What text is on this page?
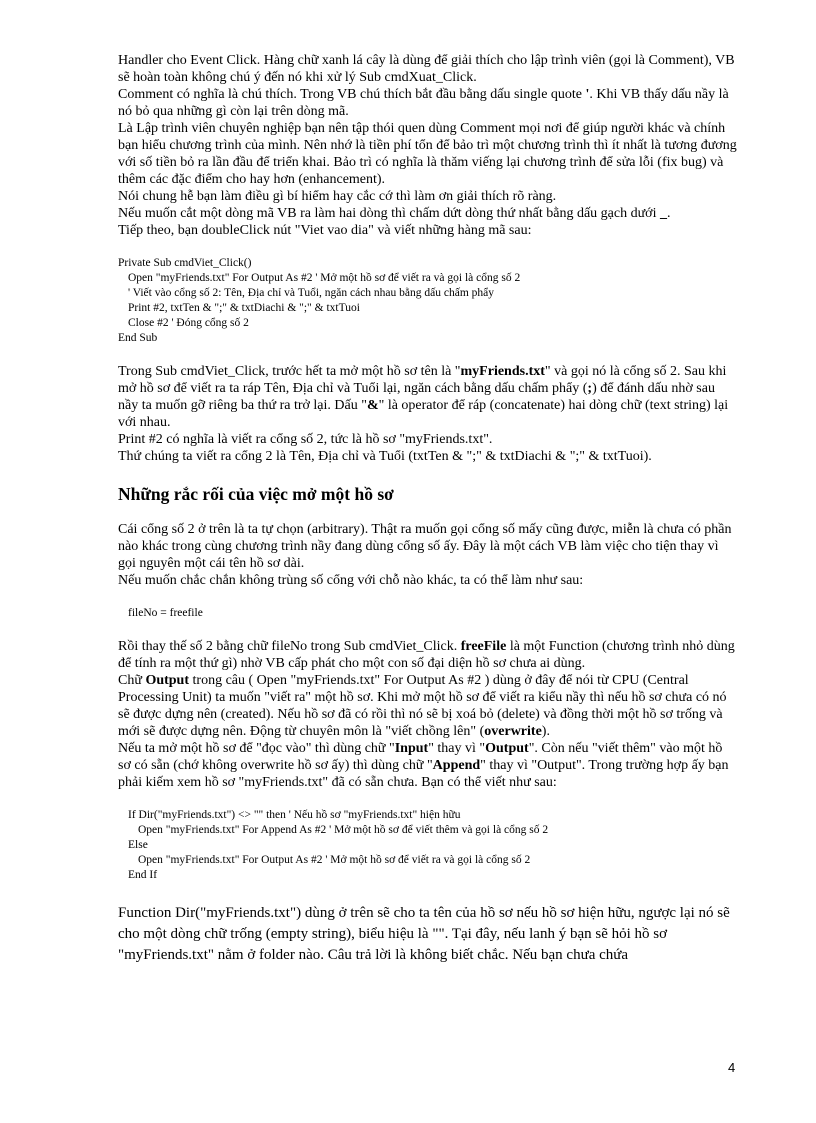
Handler cho Event Click. Hàng chữ xanh lá cây là dùng để giải thích cho lập trình viên (gọi là Comment), VB sẽ hoàn toàn không chú ý đến nó khi xử lý Sub cmdXuat_Click.

Comment có nghĩa là chú thích. Trong VB chú thích bắt đầu bằng dấu single quote '. Khi VB thấy dấu nầy là nó bỏ qua những gì còn lại trên dòng mã.

Là Lập trình viên chuyên nghiệp bạn nên tập thói quen dùng Comment mọi nơi để giúp người khác và chính bạn hiểu chương trình của mình. Nên nhớ là tiền phí tổn để bảo trì một chương trình thì ít nhất là tương đương với số tiền bỏ ra lần đầu để triển khai. Bảo trì có nghĩa là thăm viếng lại chương trình để sửa lỗi (fix bug) và thêm các đặc điểm cho hay hơn (enhancement).

Nói chung hễ bạn làm điều gì bí hiểm hay cắc cớ thì làm ơn giải thích rõ ràng.

Nếu muốn cắt một dòng mã VB ra làm hai dòng thì chấm dứt dòng thứ nhất bằng dấu gạch dưới _.

Tiếp theo, bạn doubleClick nút "Viet vao dia" và viết những hàng mã sau:

Private Sub cmdViet_Click()
Open "myFriends.txt" For Output As #2 ' Mở một hồ sơ để viết ra và gọi là cổng số 2
' Viết vào cổng số 2: Tên, Địa chỉ và Tuổi, ngăn cách nhau bằng dấu chấm phẩy
Print #2, txtTen & ";" & txtDiachi & ";" & txtTuoi
Close #2 ' Đóng cổng số 2
End Sub

Trong Sub cmdViet_Click, trước hết ta mở một hồ sơ tên là "myFriends.txt" và gọi nó là cổng số 2. Sau khi mở hồ sơ để viết ra ta ráp Tên, Địa chỉ và Tuổi lại, ngăn cách bằng dấu chấm phẩy (;) để đánh dấu nhờ sau nầy ta muốn gỡ riêng ba thứ ra trở lại. Dấu "&" là operator để ráp (concatenate) hai dòng chữ (text string) lại với nhau.

Print #2 có nghĩa là viết ra cổng số 2, tức là hồ sơ "myFriends.txt".

Thứ chúng ta viết ra cổng 2 là Tên, Địa chỉ và Tuổi (txtTen & ";" & txtDiachi & ";" & txtTuoi).

Những rắc rối của việc mở một hồ sơ

Cái cổng số 2 ở trên là ta tự chọn (arbitrary). Thật ra muốn gọi cổng số mấy cũng được, miễn là chưa có phần nào khác trong cùng chương trình nầy đang dùng cổng số ấy. Đây là một cách VB làm việc cho tiện thay vì gọi nguyên một cái tên hồ sơ dài.

Nếu muốn chắc chắn không trùng số cổng với chỗ nào khác, ta có thể làm như sau:

fileNo = freefile

Rồi thay thế số 2 bằng chữ fileNo trong Sub cmdViet_Click. freeFile là một Function (chương trình nhỏ dùng để tính ra một thứ gì) nhờ VB cấp phát cho một con số đại diện hồ sơ chưa ai dùng.

Chữ Output trong câu ( Open "myFriends.txt" For Output As #2 ) dùng ở đây để nói từ CPU (Central Processing Unit) ta muốn "viết ra" một hồ sơ. Khi mở một hồ sơ để viết ra kiểu nầy thì nếu hồ sơ chưa có nó sẽ được dựng nên (created). Nếu hồ sơ đã có rồi thì nó sẽ bị xoá bỏ (delete) và đồng thời một hồ sơ trống và mới sẽ được dựng nên. Động từ chuyên môn là "viết chồng lên" (overwrite).

Nếu ta mở một hồ sơ để "đọc vào" thì dùng chữ "Input" thay vì "Output". Còn nếu "viết thêm" vào một hồ sơ có sẵn (chớ không overwrite hồ sơ ấy) thì dùng chữ "Append" thay vì "Output". Trong trường hợp ấy bạn phải kiếm xem hồ sơ "myFriends.txt" đã có sẵn chưa. Bạn có thể viết như sau:

If Dir("myFriends.txt") <> "" then ' Nếu hồ sơ "myFriends.txt" hiện hữu
Open "myFriends.txt" For Append As #2 ' Mở một hồ sơ để viết thêm và gọi là cổng số 2
Else
Open "myFriends.txt" For Output As #2 ' Mở một hồ sơ để viết ra và gọi là cổng số 2
End If

Function Dir("myFriends.txt") dùng ở trên sẽ cho ta tên của hồ sơ nếu hồ sơ hiện hữu, ngược lại nó sẽ cho một dòng chữ trống (empty string), biểu hiệu là "". Tại đây, nếu lanh ý bạn sẽ hỏi hồ sơ "myFriends.txt" nằm ở folder nào. Câu trả lời là không biết chắc. Nếu bạn chưa chứa

4
